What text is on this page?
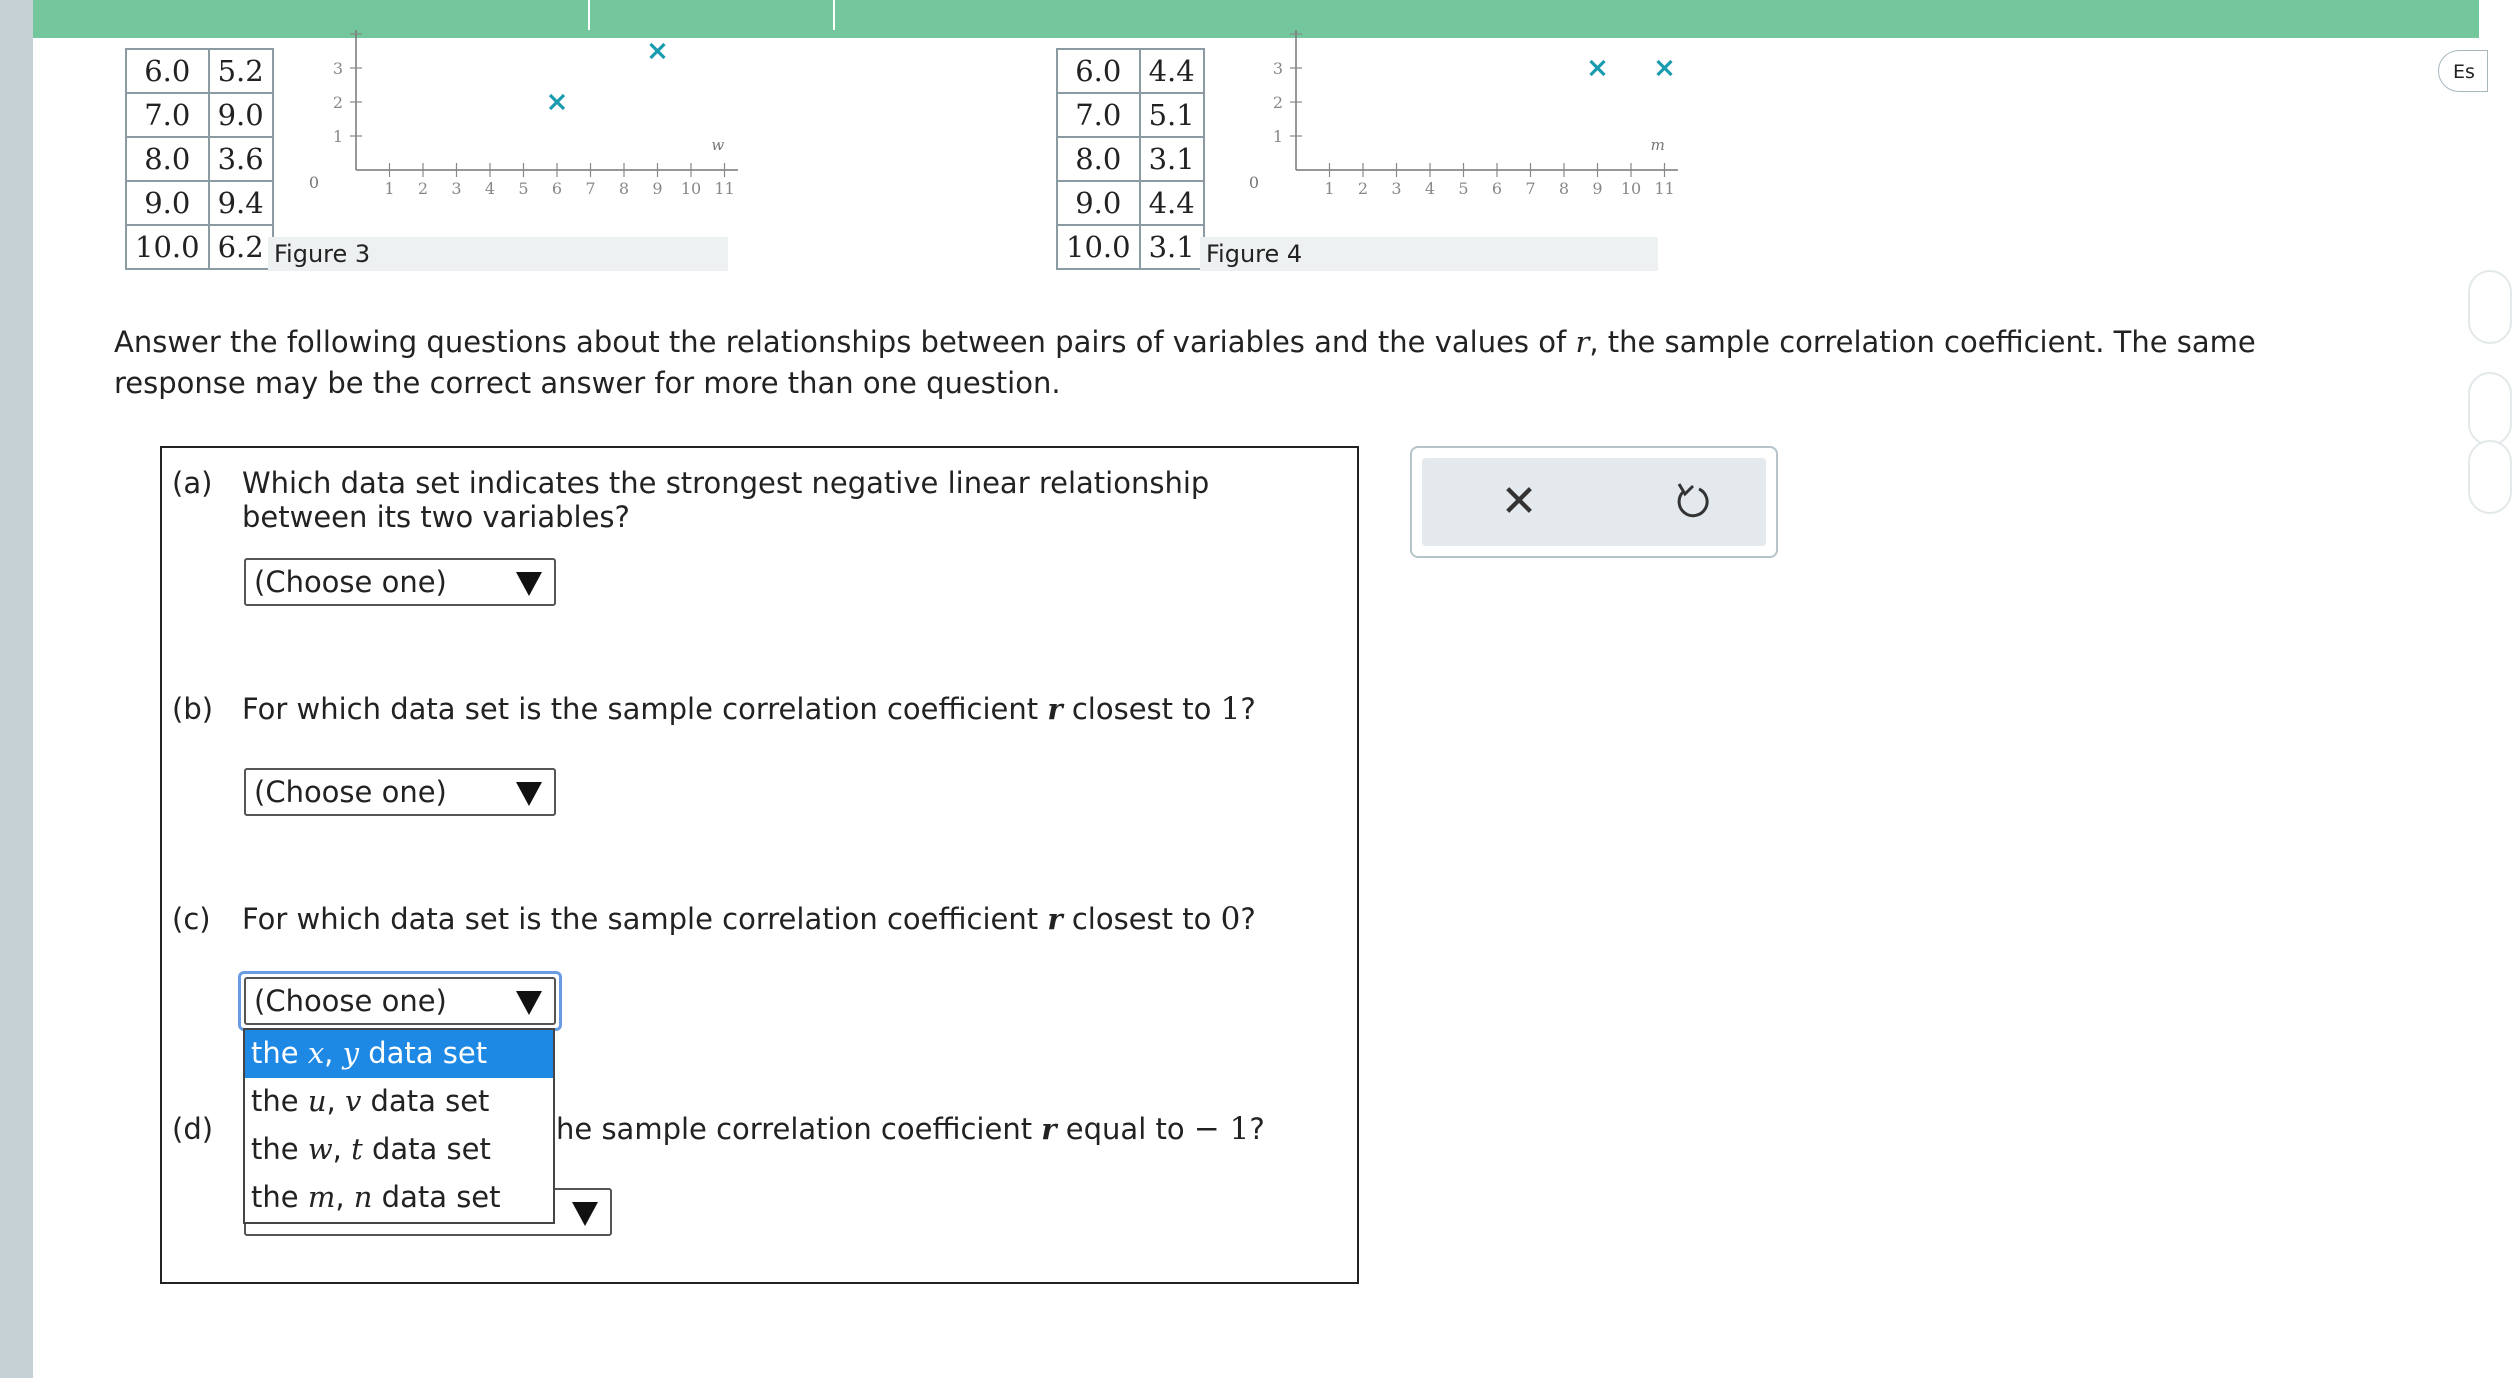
Es
6.0	5.2
7.0	9.0
8.0	3.6
9.0	9.4
10.0	6.2
1
2
3
1 2 3 4 5 6 7 8 9 10 11
0
w
Figure 3
6.0	4.4
7.0	5.1
8.0	3.1
9.0	4.4
10.0	3.1
1
2
3
1 2 3 4 5 6 7 8 9 10 11
0
m
Figure 4
Answer the following questions about the relationships between pairs of variables and the values of r, the sample correlation coefficient. The same response may be the correct answer for more than one question.
(a) Which data set indicates the strongest negative linear relationship between its two variables?
(Choose one)
(b) For which data set is the sample correlation coefficient r closest to 1?
(Choose one)
(c) For which data set is the sample correlation coefficient r closest to 0?
(Choose one)
(d)	he sample correlation coefficient r equal to − 1?
the x, y data set
the u, v data set
the w, t data set
the m, n data set
✕
